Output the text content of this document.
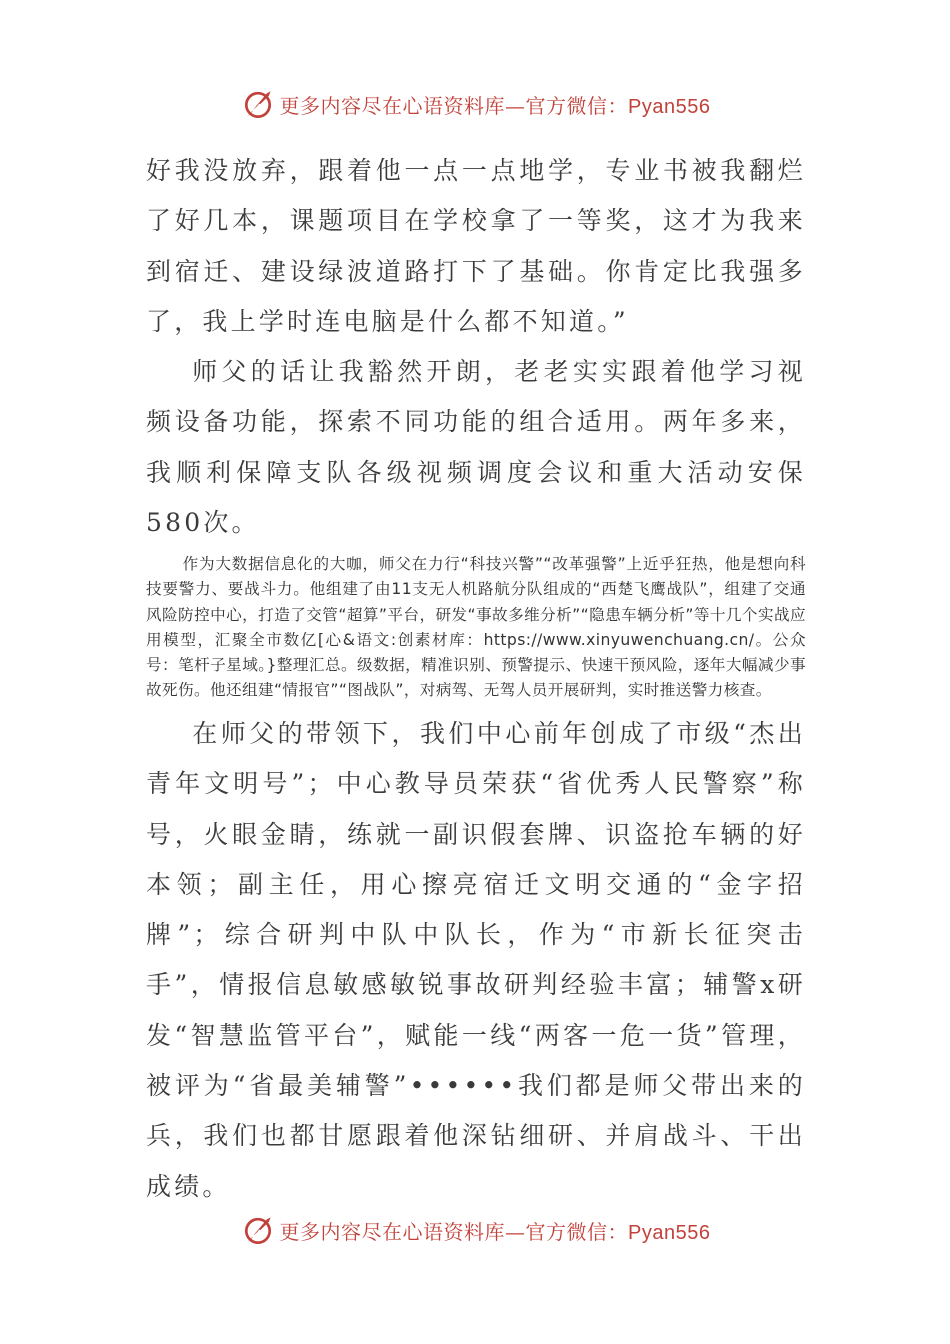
更多内容尽在心语资料库—官方微信：Pyan556

好我没放弃，跟着他一点一点地学，专业书被我翻烂了好几本，课题项目在学校拿了一等奖，这才为我来到宿迁、建设绿波道路打下了基础。你肯定比我强多了，我上学时连电脑是什么都不知道。”

师父的话让我豁然开朗，老老实实跟着他学习视频设备功能，探索不同功能的组合适用。两年多来，我顺利保障支队各级视频调度会议和重大活动安保580次。

作为大数据信息化的大咖，师父在力行“科技兴警”“改革强警”上近乎狂热，他是想向科技要警力、要战斗力。他组建了由11支无人机路航分队组成的“西楚飞鹰战队”，组建了交通风险防控中心，打造了交管“超算”平台，研发“事故多维分析”“隐患车辆分析”等十几个实战应用模型，汇聚全市数亿[心&语文:创素材库：https://www.xinyuwenchuang.cn/。公众号：笔杆子星域。}整理汇总。级数据，精准识别、预警提示、快速干预风险，逐年大幅减少事故死伤。他还组建“情报官”“图战队”，对病驾、无驾人员开展研判，实时推送警力核查。

在师父的带领下，我们中心前年创成了市级“杰出青年文明号”；中心教导员荣获“省优秀人民警察”称号，火眼金睛，练就一副识假套牌、识盗抢车辆的好本领；副主任，用心擦亮宿迁文明交通的“金字招牌”；综合研判中队中队长，作为“市新长征突击手”，情报信息敏感敏锐事故研判经验丰富；辅警x研发“智慧监管平台”，赋能一线“两客一危一货”管理，被评为“省最美辅警”••••••我们都是师父带出来的兵，我们也都甘愿跟着他深钻细研、并肩战斗、干出成绩。

更多内容尽在心语资料库—官方微信：Pyan556
